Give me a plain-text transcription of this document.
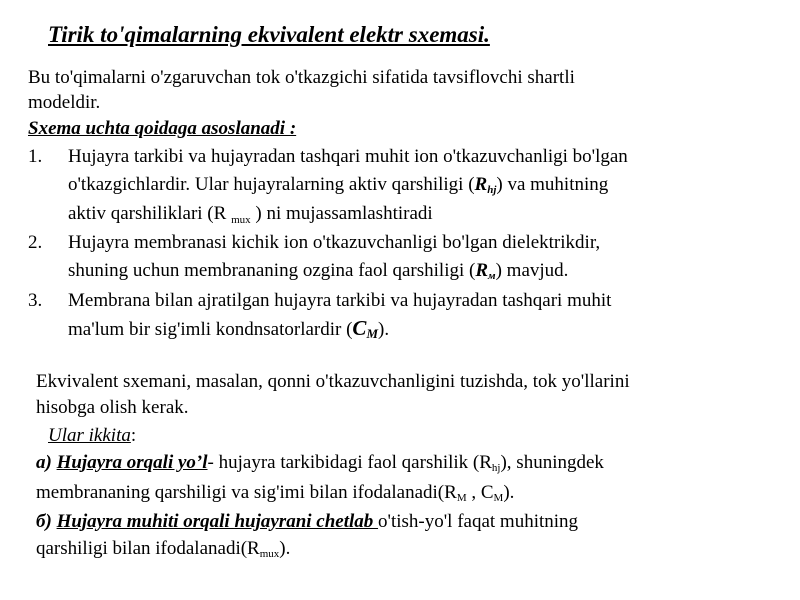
Tirik to'qimalarning ekvivalent elektr sxemasi.

Bu to'qimalarni o'zgaruvchan tok o'tkazgichi sifatida tavsiflovchi shartli

modeldir.

Sxema uchta qoidaga asoslanadi :

1. Hujayra tarkibi va hujayradan tashqari muhit ion o'tkazuvchanligi bo'lgan

o'tkazgichlardir. Ular hujayralarning aktiv qarshiligi $(R_{hj})$ va muhitning

aktiv qarshiliklari (R $_{mux}$ ) ni mujassamlashtiradi

2. Hujayra membranasi kichik ion o'tkazuvchanligi bo'lgan dielektrikdir,

shuning uchun membrananing ozgina faol qarshiligi $(R_м)$ mavjud.

3. Membrana bilan ajratilgan hujayra tarkibi va hujayradan tashqari muhit

ma'lum bir sig'imli kondnsatorlardir $(C_M)$.

Ekvivalent sxemani, masalan, qonni o'tkazuvchanligini tuzishda, tok yo'llarini

hisobga olish kerak.

Ular ikkita:

а) Hujayra orqali yo’l- hujayra tarkibidagi faol qarshilik $(R_{hj})$, shuningdek

membrananing qarshiligi va sig'imi bilan $ifodalanadi(R_M$ , $C_M$).

б) Hujayra muhiti orqali hujayrani chetlab o'tish-yo'l faqat muhitning

qarshiligi bilan $ifodalanadi(R_{mux})$.
